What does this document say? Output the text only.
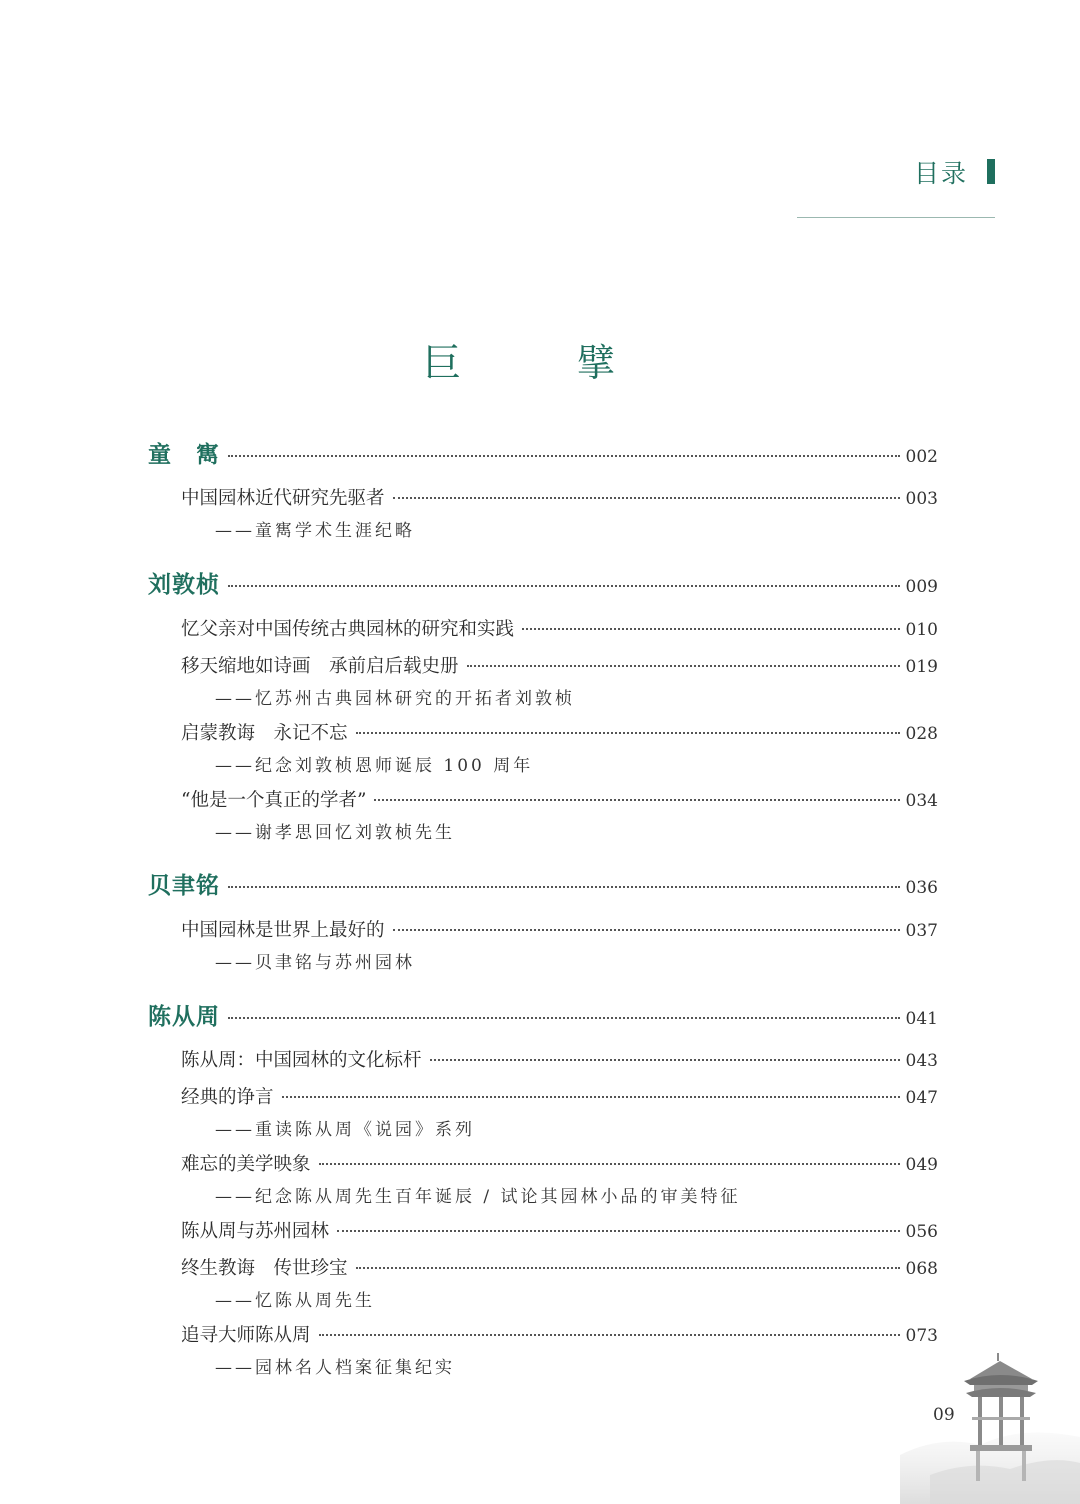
目录
巨 擘
童　寯	002
中国园林近代研究先驱者	003
——童寯学术生涯纪略
刘敦桢	009
忆父亲对中国传统古典园林的研究和实践	010
移天缩地如诗画　承前启后载史册	019
——忆苏州古典园林研究的开拓者刘敦桢
启蒙教诲　永记不忘	028
——纪念刘敦桢恩师诞辰 100 周年
“他是一个真正的学者”	034
——谢孝思回忆刘敦桢先生
贝聿铭	036
中国园林是世界上最好的	037
——贝聿铭与苏州园林
陈从周	041
陈从周：中国园林的文化标杆	043
经典的诤言	047
——重读陈从周《说园》系列
难忘的美学映象	049
——纪念陈从周先生百年诞辰 / 试论其园林小品的审美特征
陈从周与苏州园林	056
终生教诲　传世珍宝	068
——忆陈从周先生
追寻大师陈从周	073
——园林名人档案征集纪实
09
